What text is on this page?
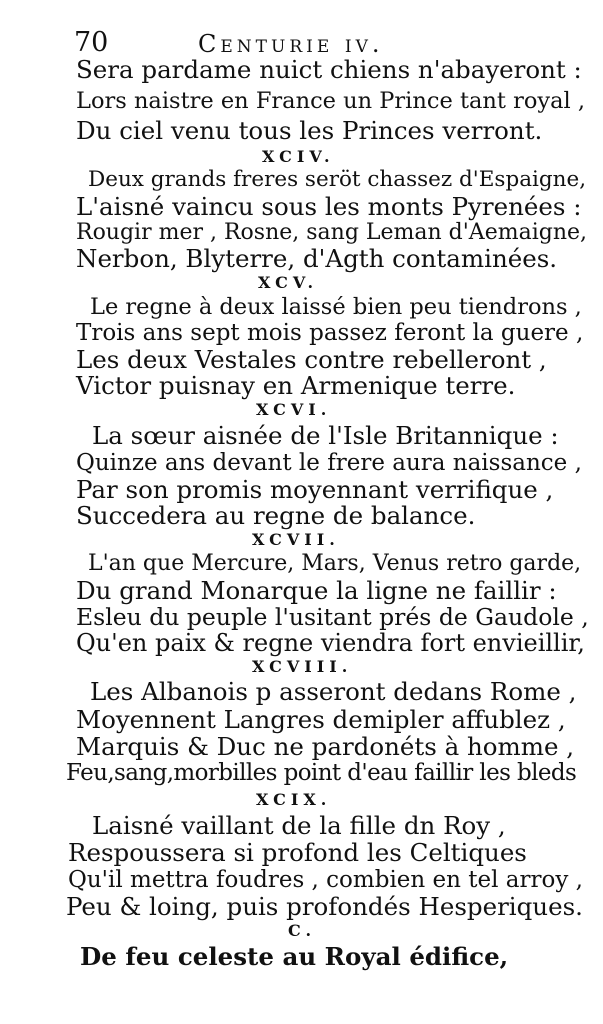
70	Centurie iv.
Sera pardame nuict chiens n'abayeront :
Lors naistre en France un Prince tant royal ,
Du ciel venu tous les Princes verront.
XCIV.
Deux grands freres seröt chassez d'Espaigne,
L'aisné vaincu sous les monts Pyrenées :
Rougir mer , Rosne, sang Leman d'Aemaigne,
Nerbon, Blyterre, d'Agth contaminées.
XCV.
Le regne à deux laissé bien peu tiendrons ,
Trois ans sept mois passez feront la guere ,
Les deux Vestales contre rebelleront ,
Victor puisnay en Armenique terre.
XCVI.
La sœur aisnée de l'Isle Britannique :
Quinze ans devant le frere aura naissance ,
Par son promis moyennant verrifique ,
Succedera au regne de balance.
XCVII.
L'an que Mercure, Mars, Venus retro garde,
Du grand Monarque la ligne ne faillir :
Esleu du peuple l'usitant prés de Gaudole ,
Qu'en paix & regne viendra fort envieillir,
XCVIII.
Les Albanois p asseront dedans Rome ,
Moyennent Langres demipler affublez ,
Marquis & Duc ne pardonéts à homme ,
Feu,sang,morbilles point d'eau faillir les bleds
XCIX.
Laisné vaillant de la fille dn Roy ,
Respoussera si profond les Celtiques
Qu'il mettra foudres , combien en tel arroy ,
Peu & loing, puis profondés Hesperiques.
C.
De feu celeste au Royal édifice,
